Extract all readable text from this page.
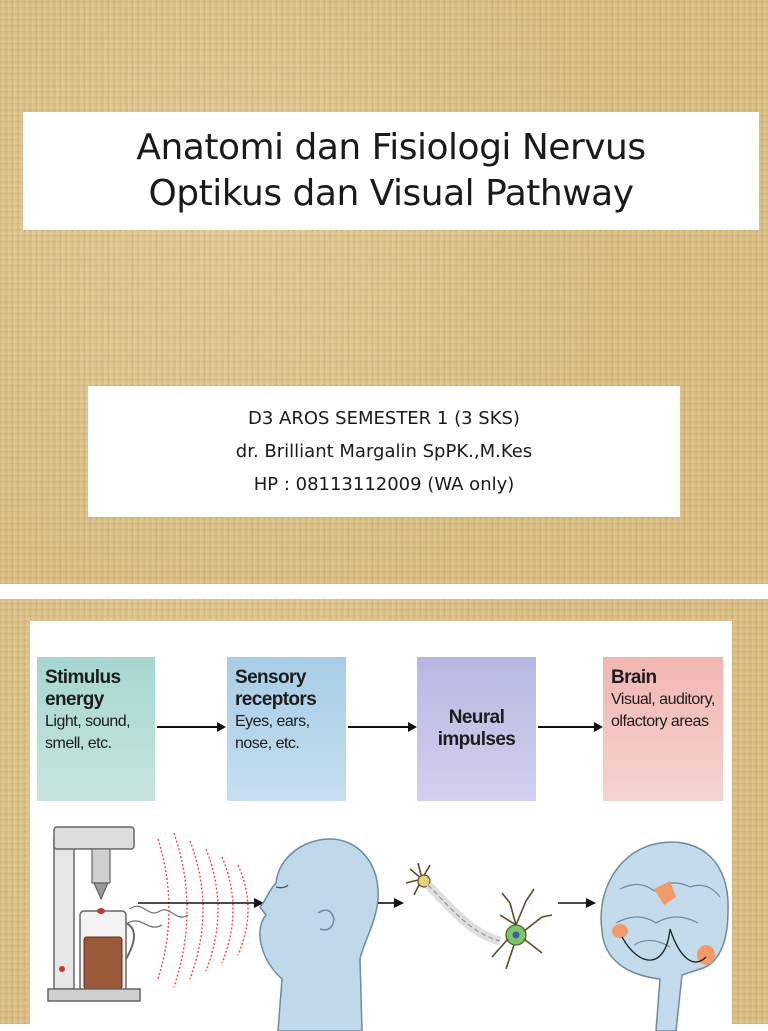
Anatomi dan Fisiologi Nervus
Optikus dan Visual Pathway
D3 AROS SEMESTER 1 (3 SKS)
dr. Brilliant Margalin SpPK.,M.Kes
HP : 08113112009 (WA only)
Stimulus
energy
Light, sound,
smell, etc.
Sensory
receptors
Eyes, ears,
nose, etc.
Neural
impulses
Brain
Visual, auditory,
olfactory areas
